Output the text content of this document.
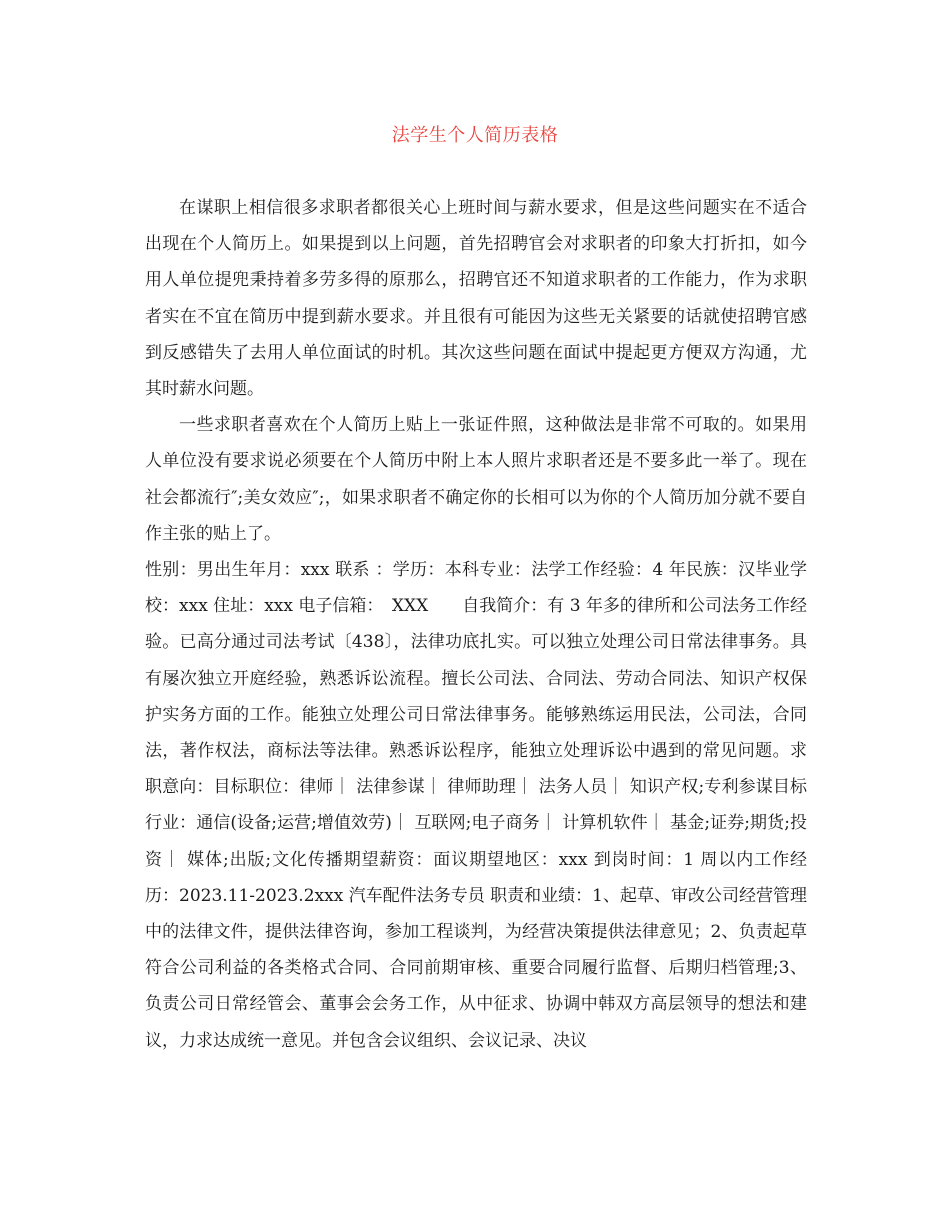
法学生个人简历表格

在谋职上相信很多求职者都很关心上班时间与薪水要求，但是这些问题实在不适合出现在个人简历上。如果提到以上问题，首先招聘官会对求职者的印象大打折扣，如今用人单位提兜秉持着多劳多得的原那么，招聘官还不知道求职者的工作能力，作为求职者实在不宜在简历中提到薪水要求。并且很有可能因为这些无关紧要的话就使招聘官感到反感错失了去用人单位面试的时机。其次这些问题在面试中提起更方便双方沟通，尤其时薪水问题。

一些求职者喜欢在个人简历上贴上一张证件照，这种做法是非常不可取的。如果用人单位没有要求说必须要在个人简历中附上本人照片求职者还是不要多此一举了。现在社会都流行″;美女效应″;，如果求职者不确定你的长相可以为你的个人简历加分就不要自作主张的贴上了。

性别：男出生年月：xxx 联系 ：学历：本科专业：法学工作经验：4 年民族：汉毕业学校：xxx 住址：xxx 电子信箱：　XXX　　自我简介：有 3 年多的律所和公司法务工作经验。已高分通过司法考试〔438〕，法律功底扎实。可以独立处理公司日常法律事务。具有屡次独立开庭经验，熟悉诉讼流程。擅长公司法、合同法、劳动合同法、知识产权保护实务方面的工作。能独立处理公司日常法律事务。能够熟练运用民法，公司法，合同法，著作权法，商标法等法律。熟悉诉讼程序，能独立处理诉讼中遇到的常见问题。求职意向：目标职位：律师｜ 法律参谋｜ 律师助理｜ 法务人员｜ 知识产权;专利参谋目标行业：通信(设备;运营;增值效劳)｜ 互联网;电子商务｜ 计算机软件｜ 基金;证券;期货;投资｜ 媒体;出版;文化传播期望薪资：面议期望地区：xxx 到岗时间：1 周以内工作经历：2023.11-2023.2xxx 汽车配件法务专员 职责和业绩：1、起草、审改公司经营管理中的法律文件，提供法律咨询，参加工程谈判，为经营决策提供法律意见；2、负责起草符合公司利益的各类格式合同、合同前期审核、重要合同履行监督、后期归档管理;3、负责公司日常经管会、董事会会务工作，从中征求、协调中韩双方高层领导的想法和建议，力求达成统一意见。并包含会议组织、会议记录、决议
